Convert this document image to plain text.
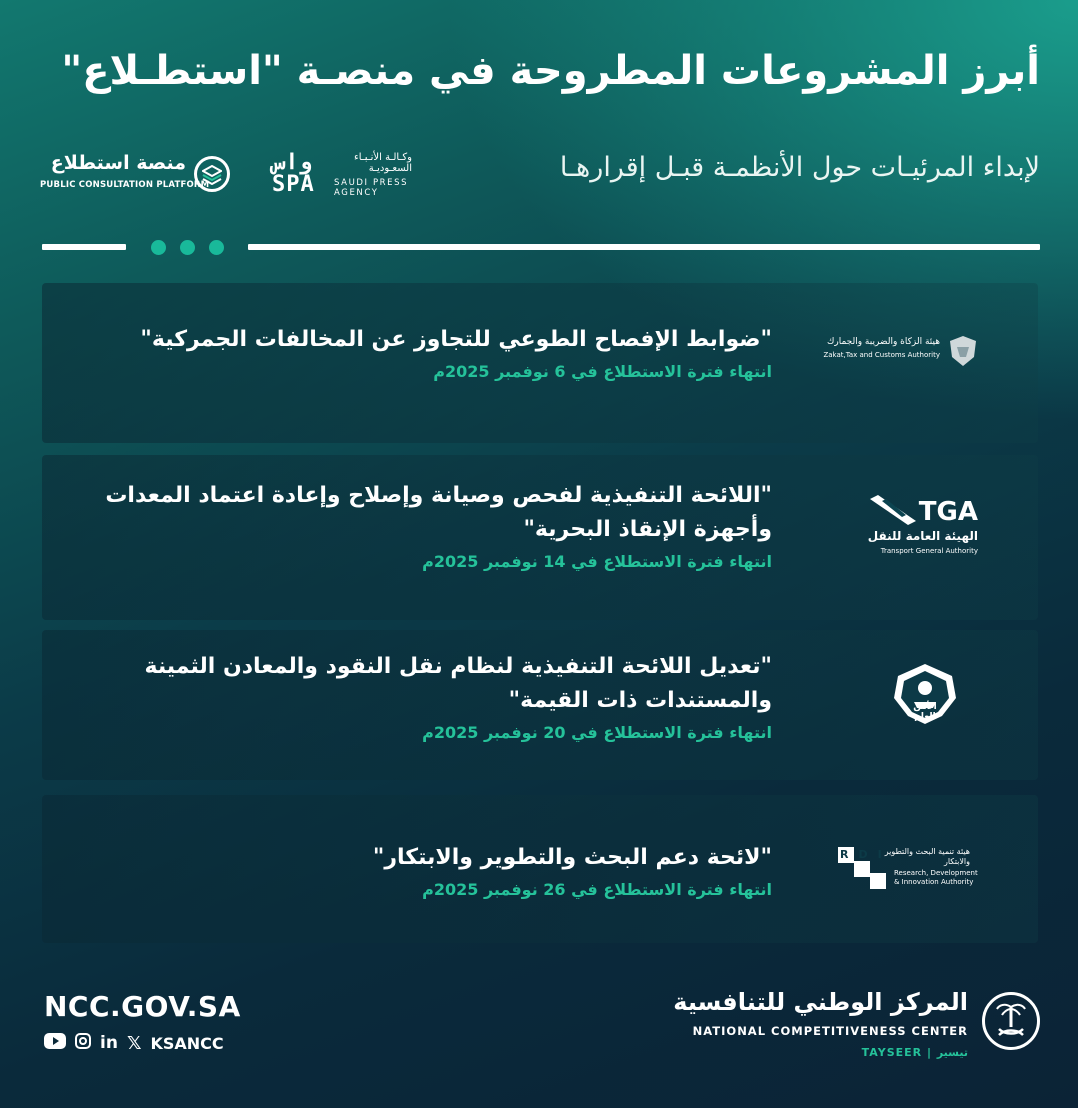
أبرز المشروعات المطروحة في منصـة "استطـلاع"
لإبداء المرئيـات حول الأنظمـة قبـل إقرارهـا
منصة استطلاع
PUBLIC CONSULTATION PLATFORM
واس
SPA
وكـالـة الأنـبـاء السعـوديـة
SAUDI PRESS
AGENCY
"ضوابط الإفصاح الطوعي للتجاوز عن المخالفات الجمركية"
انتهاء فترة الاستطلاع في 6 نوفمبر 2025م
هيئة الزكاة والضريبة والجمارك
Zakat,Tax and Customs Authority
"اللائحة التنفيذية لفحص وصيانة وإصلاح وإعادة اعتماد المعدات وأجهزة الإنقاذ البحرية"
انتهاء فترة الاستطلاع في 14 نوفمبر 2025م
TGA
الهيئة العامة للنقل
Transport General Authority
"تعديل اللائحة التنفيذية لنظام نقل النقود والمعادن الثمينة والمستندات ذات القيمة"
انتهاء فترة الاستطلاع في 20 نوفمبر 2025م
الأمن العام
"لائحة دعم البحث والتطوير والابتكار"
انتهاء فترة الاستطلاع في 26 نوفمبر 2025م
RDI
هيئة تنمية البحث والتطوير والابتكار
Research, Development
& Innovation Authority
NCC.GOV.SA
in 𝕏 KSANCC
المركز الوطني للتنافسية
NATIONAL COMPETITIVENESS CENTER
TAYSEER | تيسير
